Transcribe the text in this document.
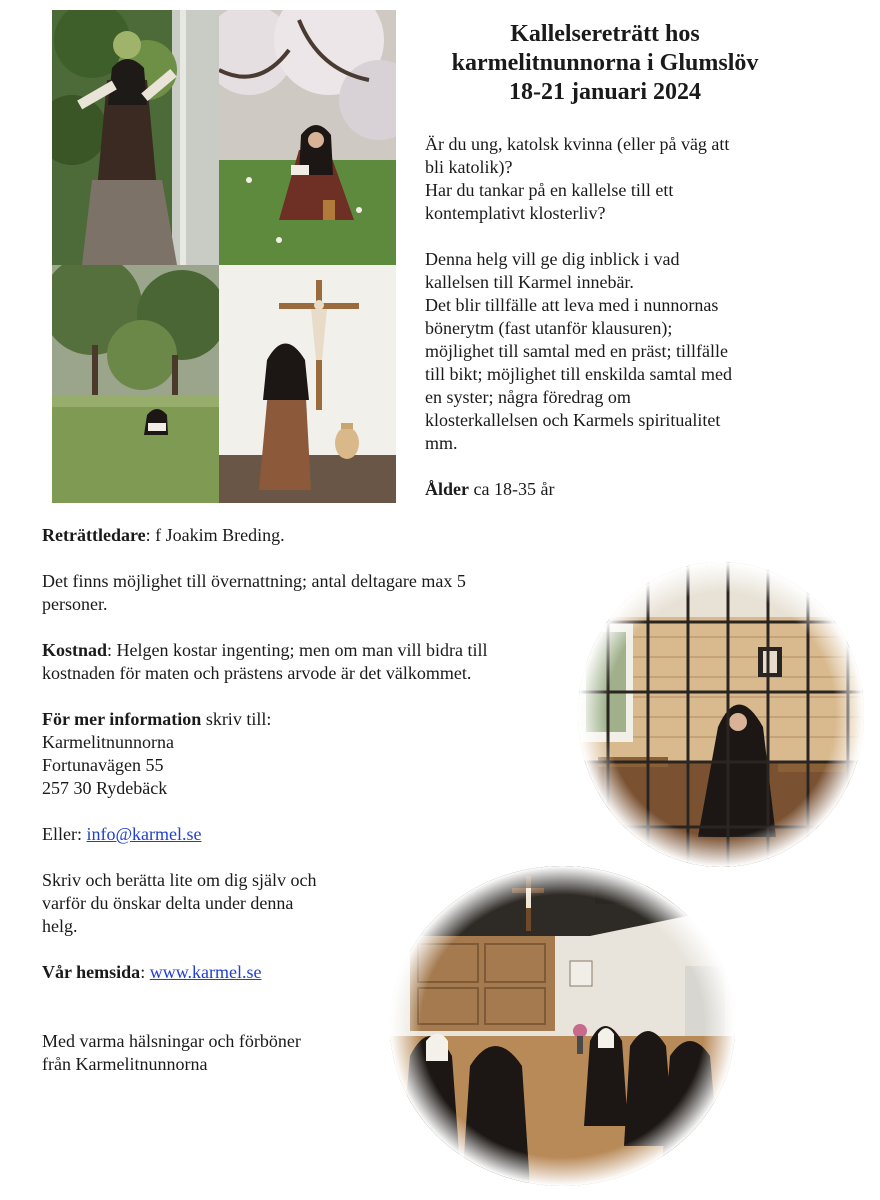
Kallelsereträtt hos
karmelitnunnorna i Glumslöv
18-21 januari 2024

Är du ung, katolsk kvinna (eller på väg att
bli katolik)?
Har du tankar på en kallelse till ett
kontemplativt klosterliv?

Denna helg vill ge dig inblick i vad
kallelsen till Karmel innebär.
Det blir tillfälle att leva med i nunnornas
bönerytm (fast utanför klausuren);
möjlighet till samtal med en präst; tillfälle
till bikt; möjlighet till enskilda samtal med
en syster; några föredrag om
klosterkallelsen och Karmels spiritualitet
mm.

Ålder ca 18-35 år

Reträttledare: f Joakim Breding.

Det finns möjlighet till övernattning; antal deltagare max 5
personer.

Kostnad: Helgen kostar ingenting; men om man vill bidra till
kostnaden för maten och prästens arvode är det välkommet.

För mer information skriv till:
Karmelitnunnorna
Fortunavägen 55
257 30 Rydebäck

Eller: info@karmel.se

Skriv och berätta lite om dig själv och
varför du önskar delta under denna
helg.

Vår hemsida: www.karmel.se

Med varma hälsningar och förböner
från Karmelitnunnorna
